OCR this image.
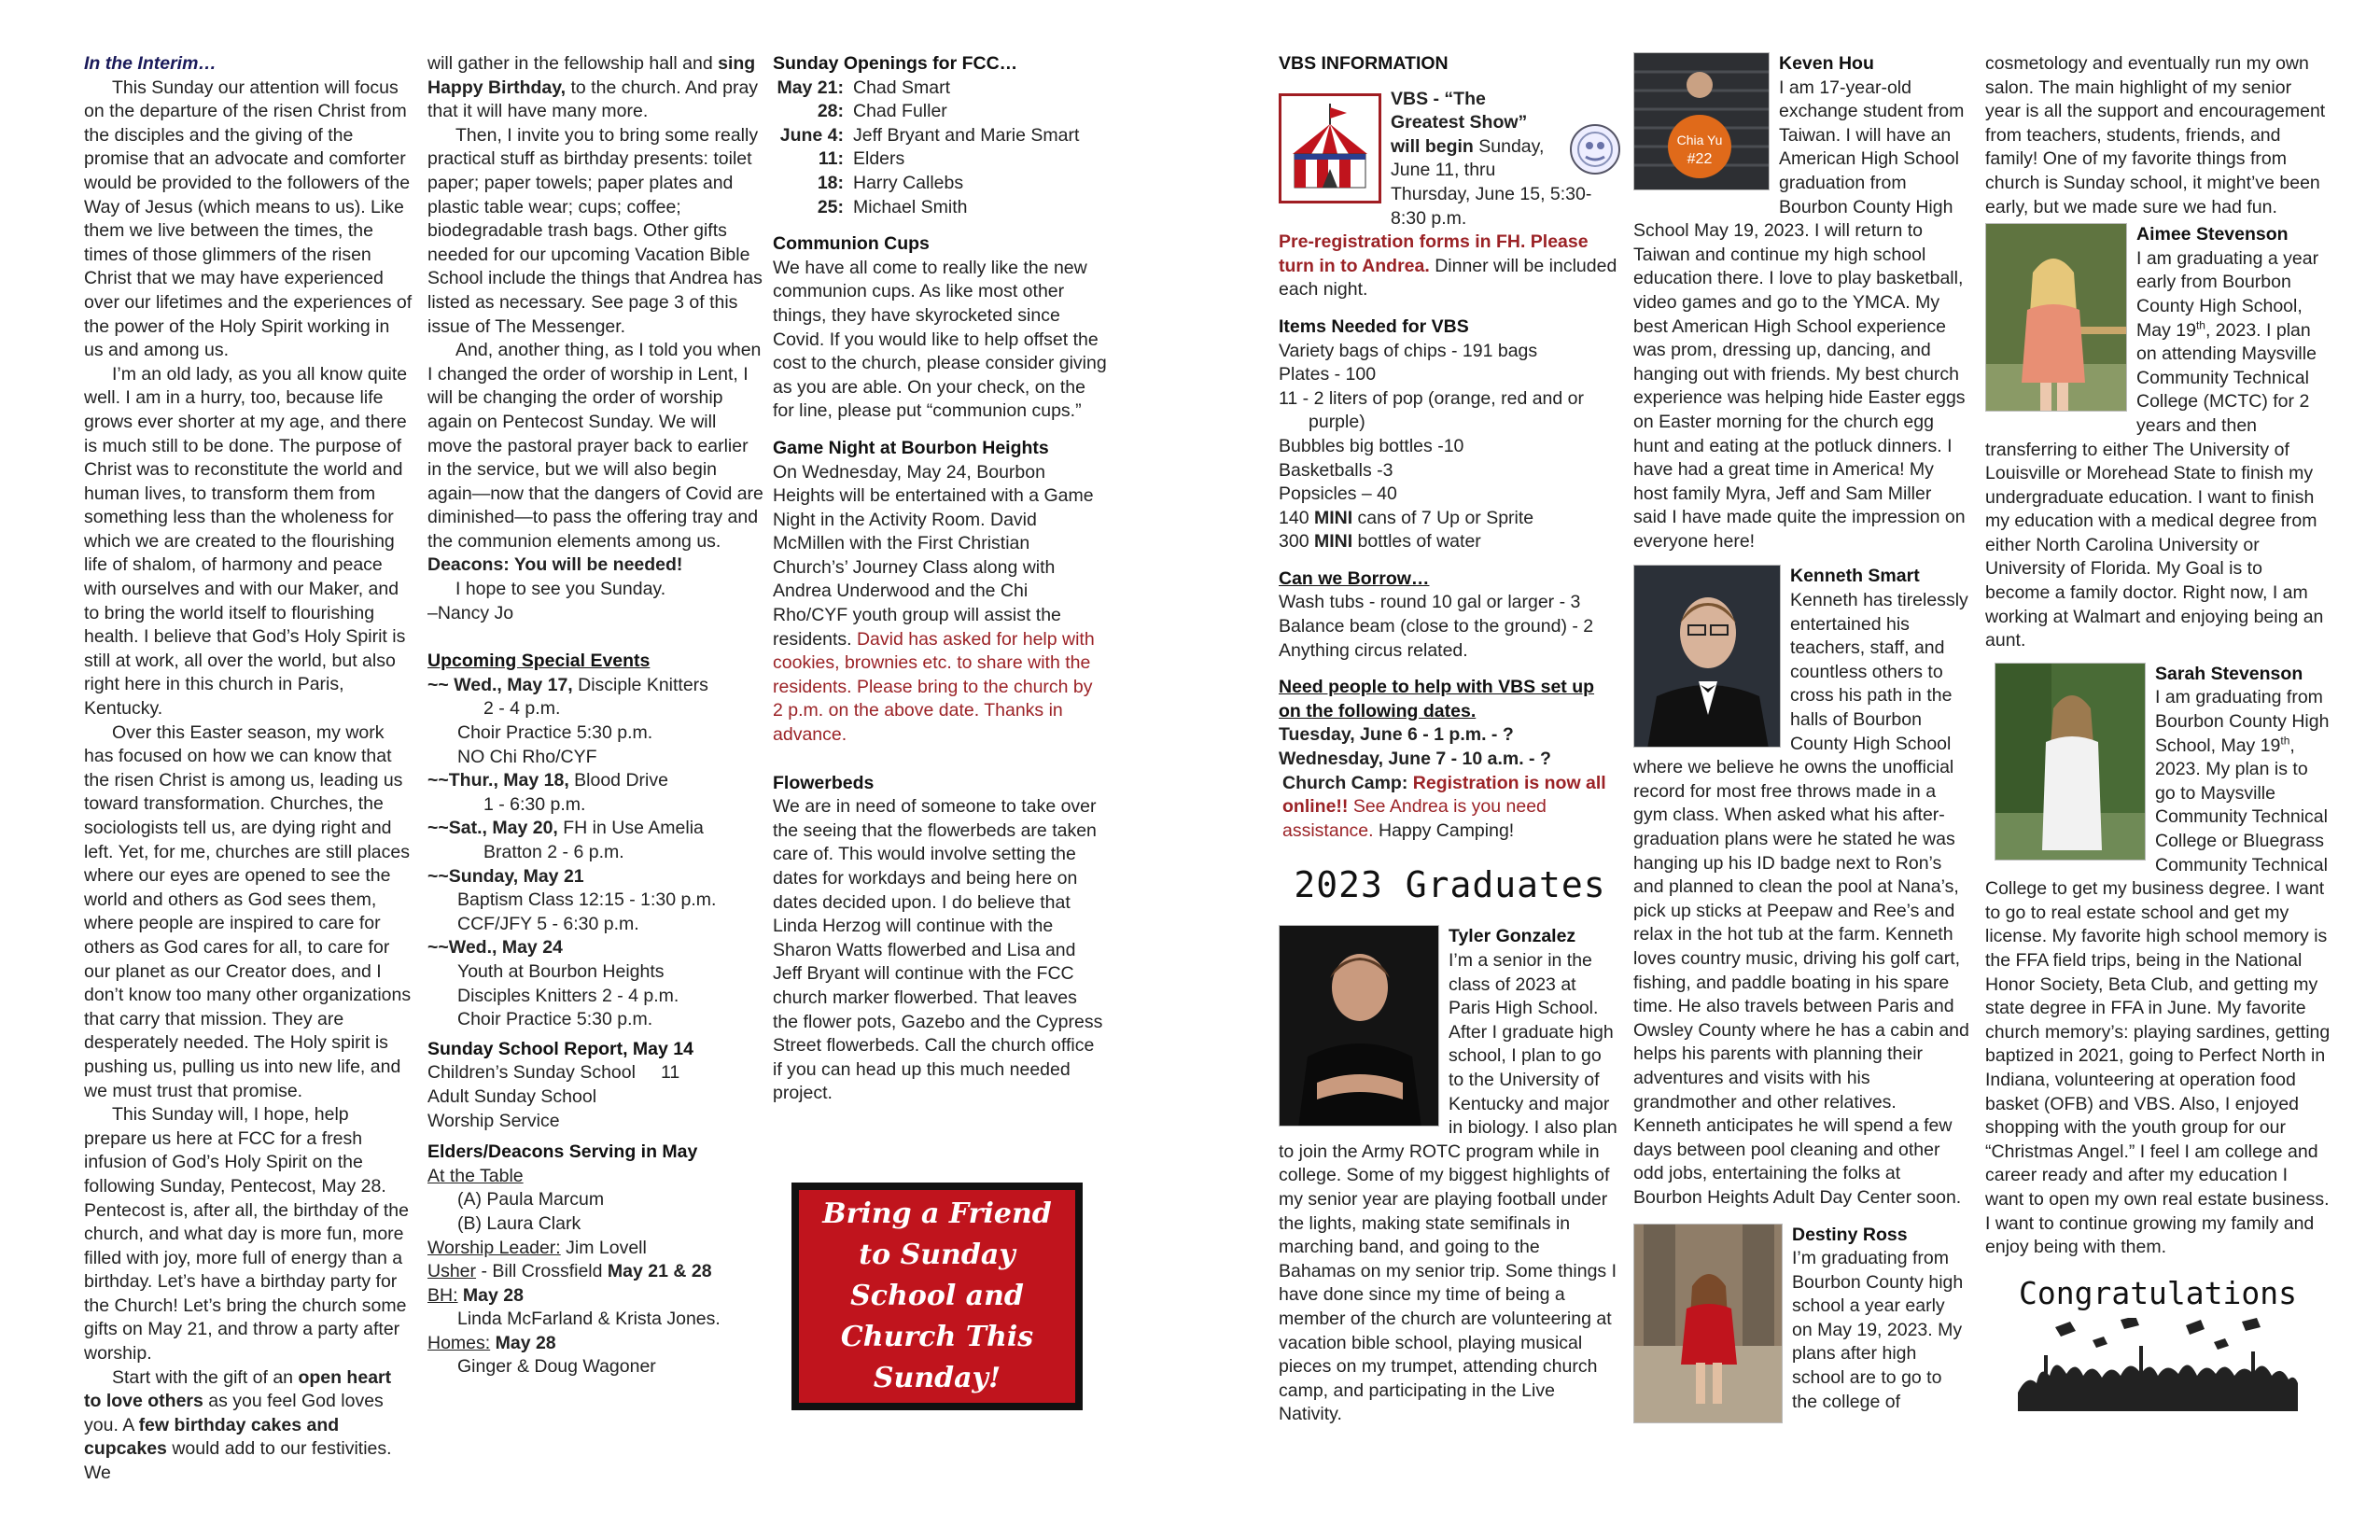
In the Interim…

This Sunday our attention will focus on the departure of the risen Christ from the disciples and the giving of the promise that an advocate and comforter would be provided to the followers of the Way of Jesus (which means to us). Like them we live between the times, the times of those glimmers of the risen Christ that we may have experienced over our lifetimes and the experiences of the power of the Holy Spirit working in us and among us.

I’m an old lady, as you all know quite well. I am in a hurry, too, because life grows ever shorter at my age, and there is much still to be done. The purpose of Christ was to reconstitute the world and human lives, to transform them from something less than the wholeness for which we are created to the flourishing life of shalom, of harmony and peace with ourselves and with our Maker, and to bring the world itself to flourishing health. I believe that God’s Holy Spirit is still at work, all over the world, but also right here in this church in Paris, Kentucky.

Over this Easter season, my work has focused on how we can know that the risen Christ is among us, leading us toward transformation. Churches, the sociologists tell us, are dying right and left. Yet, for me, churches are still places where our eyes are opened to see the world and others as God sees them, where people are inspired to care for others as God cares for all, to care for our planet as our Creator does, and I don’t know too many other organizations that carry that mission. They are desperately needed. The Holy spirit is pushing us, pulling us into new life, and we must trust that promise.

This Sunday will, I hope, help prepare us here at FCC for a fresh infusion of God’s Holy Spirit on the following Sunday, Pentecost, May 28. Pentecost is, after all, the birthday of the church, and what day is more fun, more filled with joy, more full of energy than a birthday. Let’s have a birthday party for the Church! Let’s bring the church some gifts on May 21, and throw a party after worship.

Start with the gift of an open heart to love others as you feel God loves you. A few birthday cakes and cupcakes would add to our festivities. We

will gather in the fellowship hall and sing Happy Birthday, to the church. And pray that it will have many more.

Then, I invite you to bring some really practical stuff as birthday presents: toilet paper; paper towels; paper plates and plastic table wear; cups; coffee; biodegradable trash bags. Other gifts needed for our upcoming Vacation Bible School include the things that Andrea has listed as necessary. See page 3 of this issue of The Messenger.

And, another thing, as I told you when I changed the order of worship in Lent, I will be changing the order of worship again on Pentecost Sunday. We will move the pastoral prayer back to earlier in the service, but we will also begin again—now that the dangers of Covid are diminished—to pass the offering tray and the communion elements among us. Deacons: You will be needed!

I hope to see you Sunday.

–Nancy Jo

Upcoming Special Events

~~ Wed., May 17, Disciple Knitters

2 - 4 p.m.

Choir Practice 5:30 p.m.

NO Chi Rho/CYF

~~Thur., May 18, Blood Drive

1 - 6:30 p.m.

~~Sat., May 20, FH in Use Amelia

Bratton 2 - 6 p.m.

~~Sunday, May 21

Baptism Class 12:15 - 1:30 p.m.

CCF/JFY 5 - 6:30 p.m.

~~Wed., May 24

Youth at Bourbon Heights

Disciples Knitters 2 - 4 p.m.

Choir Practice 5:30 p.m.

Sunday School Report, May 14

Children’s Sunday School     11

Adult Sunday School

Worship Service

Elders/Deacons Serving in May

At the Table

(A) Paula Marcum

(B) Laura Clark

Worship Leader: Jim Lovell

Usher - Bill Crossfield May 21 & 28

BH: May 28

Linda McFarland & Krista Jones.

Homes: May 28

Ginger & Doug Wagoner

Sunday Openings for FCC…

May 21: Chad Smart

28: Chad Fuller

June 4: Jeff Bryant and Marie Smart

11: Elders

18: Harry Callebs

25: Michael Smith

Communion Cups

We have all come to really like the new communion cups. As like most other things, they have skyrocketed since Covid. If you would like to help offset the cost to the church, please consider giving as you are able. On your check, on the for line, please put “communion cups.”

Game Night at Bourbon Heights

On Wednesday, May 24, Bourbon Heights will be entertained with a Game Night in the Activity Room. David McMillen with the First Christian Church’s’ Journey Class along with Andrea Underwood and the Chi Rho/CYF youth group will assist the residents. David has asked for help with cookies, brownies etc. to share with the residents. Please bring to the church by 2 p.m. on the above date. Thanks in advance.

Flowerbeds

We are in need of someone to take over the seeing that the flowerbeds are taken care of. This would involve setting the dates for workdays and being here on dates decided upon. I do believe that Linda Herzog will continue with the Sharon Watts flowerbed and Lisa and Jeff Bryant will continue with the FCC church marker flowerbed. That leaves the flower pots, Gazebo and the Cypress Street flowerbeds. Call the church office if you can head up this much needed project.

Bring a Friend to Sunday School and Church This Sunday!

VBS INFORMATION

VBS - “The Greatest Show” will begin Sunday, June 11, thru Thursday, June 15, 5:30-8:30 p.m.

Pre-registration forms in FH. Please turn in to Andrea. Dinner will be included each night.

Items Needed for VBS

Variety bags of chips - 191 bags

Plates - 100

11 - 2 liters of pop (orange, red and or

purple)

Bubbles big bottles -10

Basketballs -3

Popsicles – 40

140 MINI cans of 7 Up or Sprite

300 MINI bottles of water

Can we Borrow…

Wash tubs - round 10 gal or larger - 3

Balance beam (close to the ground) - 2

Anything circus related.

Need people to help with VBS set up on the following dates.

Tuesday, June 6 - 1 p.m. - ?

Wednesday, June 7 - 10 a.m. - ?

Church Camp: Registration is now all online!! See Andrea is you need assistance. Happy Camping!

2023 Graduates

Tyler Gonzalez

I’m a senior in the class of 2023 at Paris High School. After I graduate high school, I plan to go to the University of Kentucky and major in biology. I also plan to join the Army ROTC program while in college. Some of my biggest highlights of my senior year are playing football under the lights, making state semifinals in marching band, and going to the Bahamas on my senior trip. Some things I have done since my time of being a member of the church are volunteering at vacation bible school, playing musical pieces on my trumpet, attending church camp, and participating in the Live Nativity.

Chia Yu
#22

Keven Hou

I am 17-year-old exchange student from Taiwan. I will have an American High School graduation from Bourbon County High School May 19, 2023. I will return to Taiwan and continue my high school education there. I love to play basketball, video games and go to the YMCA. My best American High School experience was prom, dressing up, dancing, and hanging out with friends. My best church experience was helping hide Easter eggs on Easter morning for the church egg hunt and eating at the potluck dinners. I have had a great time in America! My host family Myra, Jeff and Sam Miller said I have made quite the impression on everyone here!

Kenneth Smart

Kenneth has tirelessly entertained his teachers, staff, and countless others to cross his path in the halls of Bourbon County High School where we believe he owns the unofficial record for most free throws made in a gym class. When asked what his after-graduation plans were he stated he was hanging up his ID badge next to Ron’s and planned to clean the pool at Nana’s, pick up sticks at Peepaw and Ree’s and relax in the hot tub at the farm. Kenneth loves country music, driving his golf cart, fishing, and paddle boating in his spare time. He also travels between Paris and Owsley County where he has a cabin and helps his parents with planning their adventures and visits with his grandmother and other relatives.

Kenneth anticipates he will spend a few days between pool cleaning and other odd jobs, entertaining the folks at Bourbon Heights Adult Day Center soon.

Destiny Ross

I’m graduating from Bourbon County high school a year early on May 19, 2023. My plans after high school are to go to the college of

cosmetology and eventually run my own salon. The main highlight of my senior year is all the support and encouragement from teachers, students, friends, and family! One of my favorite things from church is Sunday school, it might’ve been early, but we made sure we had fun.

Aimee Stevenson

I am graduating a year early from Bourbon County High School, May 19th, 2023. I plan on attending Maysville Community Technical College (MCTC) for 2 years and then transferring to either The University of Louisville or Morehead State to finish my undergraduate education. I want to finish my education with a medical degree from either North Carolina University or University of Florida. My Goal is to become a family doctor. Right now, I am working at Walmart and enjoying being an aunt.

Sarah Stevenson

I am graduating from Bourbon County High School, May 19th, 2023. My plan is to go to Maysville Community Technical College or Bluegrass Community Technical College to get my business degree. I want to go to real estate school and get my license. My favorite high school memory is the FFA field trips, being in the National Honor Society, Beta Club, and getting my state degree in FFA in June. My favorite church memory’s: playing sardines, getting baptized in 2021, going to Perfect North in Indiana, volunteering at operation food basket (OFB) and VBS. Also, I enjoyed shopping with the youth group for our “Christmas Angel.” I feel I am college and career ready and after my education I want to open my own real estate business. I want to continue growing my family and enjoy being with them.

Congratulations
